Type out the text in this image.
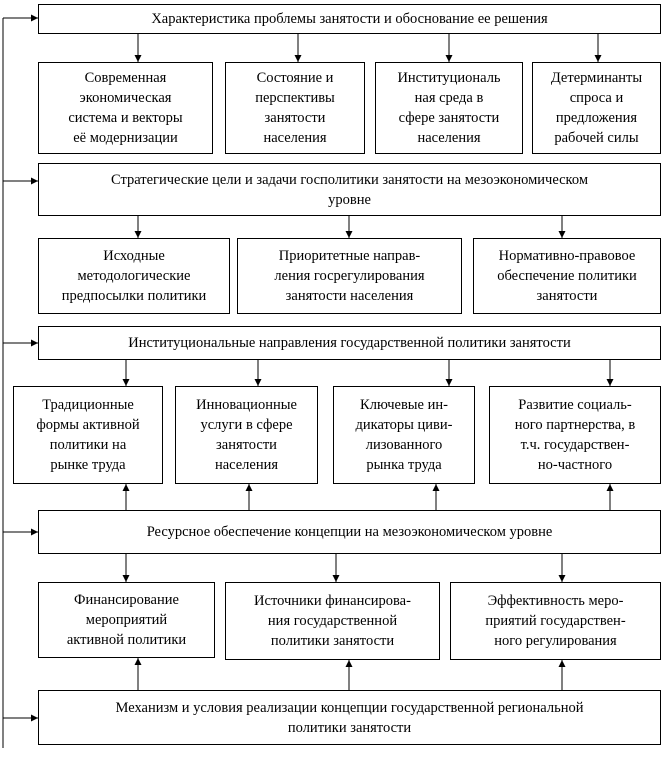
Характеристика проблемы занятости и обоснование ее решения
Современная
экономическая
система и векторы
её модернизации
Состояние и
перспективы
занятости
населения
Институциональ
ная среда в
сфере занятости
населения
Детерминанты
спроса и
предложения
рабочей силы
Стратегические цели и задачи госполитики занятости на мезоэкономическом
уровне
Исходные
методологические
предпосылки политики
Приоритетные направ-
ления госрегулирования
занятости населения
Нормативно-правовое
обеспечение политики
занятости
Институциональные направления государственной политики занятости
Традиционные
формы активной
политики на
рынке труда
Инновационные
услуги в сфере
занятости
населения
Ключевые ин-
дикаторы циви-
лизованного
рынка труда
Развитие социаль-
ного партнерства, в
т.ч. государствен-
но-частного
Ресурсное обеспечение концепции на мезоэкономическом уровне
Финансирование
мероприятий
активной политики
Источники финансирова-
ния государственной
политики занятости
Эффективность меро-
приятий государствен-
ного регулирования
Механизм и условия реализации концепции государственной региональной
политики занятости
